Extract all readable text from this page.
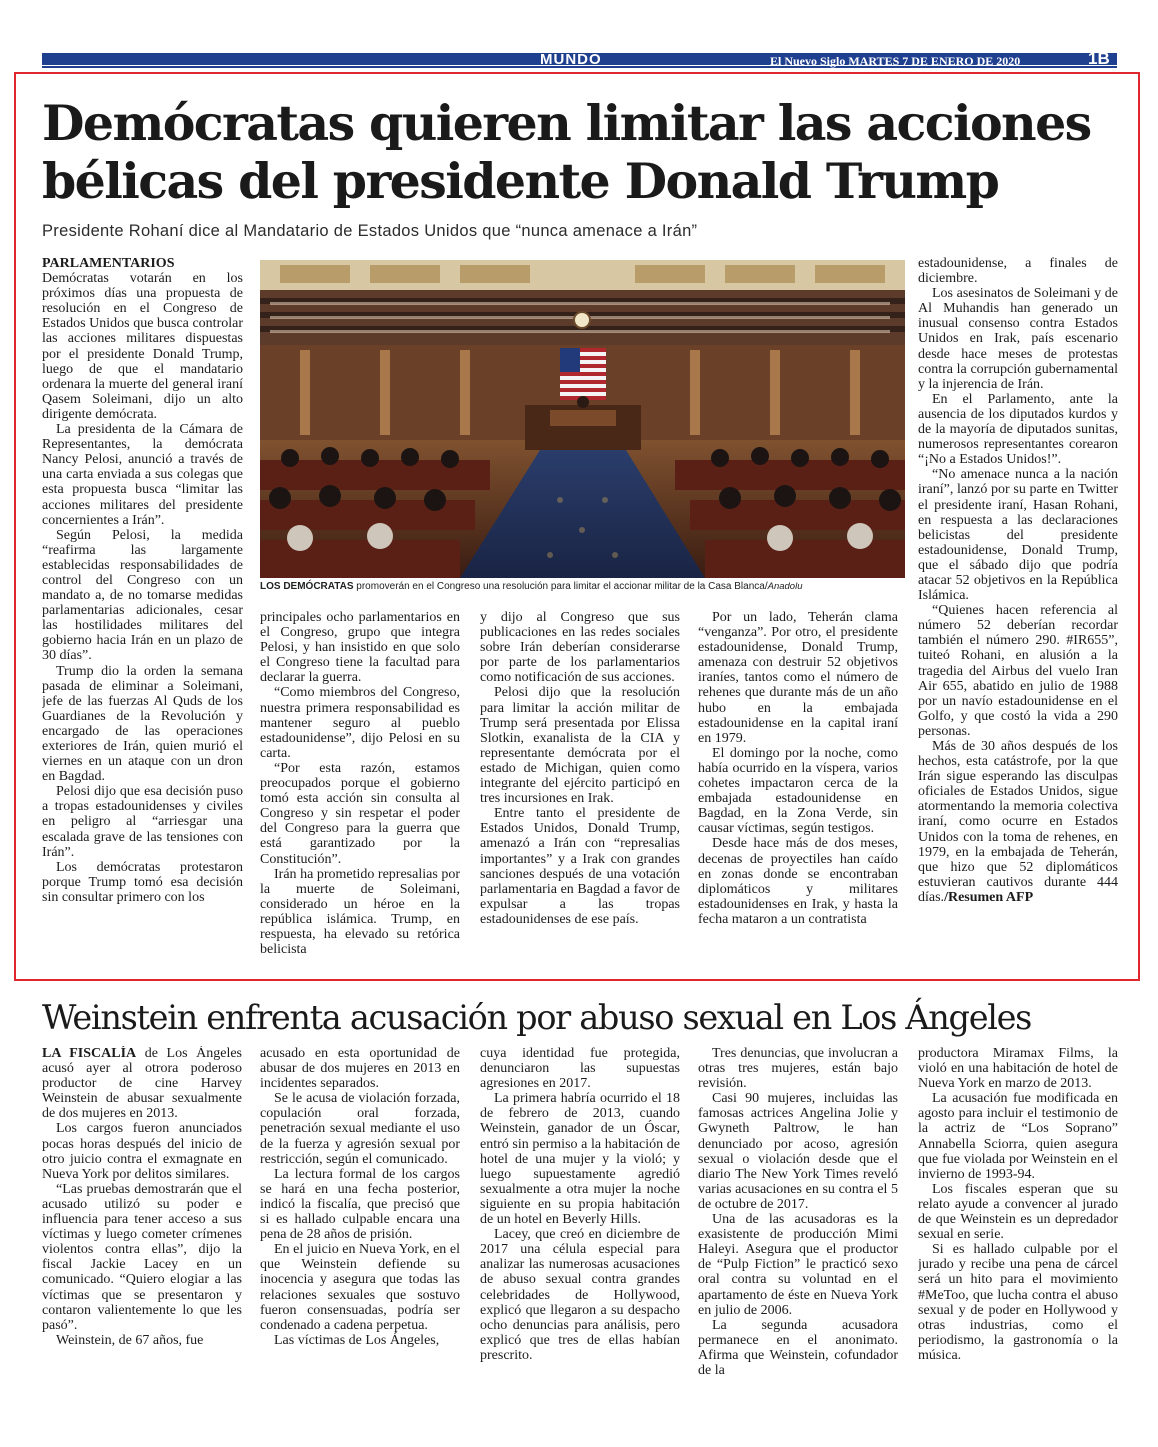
MUNDO	El Nuevo Siglo MARTES 7 DE ENERO DE 2020	1B
Demócratas quieren limitar las acciones
bélicas del presidente Donald Trump
Presidente Rohaní dice al Mandatario de Estados Unidos que “nunca amenace a Irán”

PARLAMENTARIOS Demócratas votarán en los próximos días una propuesta de resolución en el Congreso de Estados Unidos que busca controlar las acciones militares dispuestas por el presidente Donald Trump, luego de que el mandatario ordenara la muerte del general iraní Qasem Soleimani, dijo un alto dirigente demócrata.

La presidenta de la Cámara de Representantes, la demócrata Nancy Pelosi, anunció a través de una carta enviada a sus colegas que esta propuesta busca “limitar las acciones militares del presidente concernientes a Irán”.

Según Pelosi, la medida “reafirma las largamente establecidas responsabilidades de control del Congreso con un mandato a, de no tomarse medidas parlamentarias adicionales, cesar las hostilidades militares del gobierno hacia Irán en un plazo de 30 días”.

Trump dio la orden la semana pasada de eliminar a Soleimani, jefe de las fuerzas Al Quds de los Guardianes de la Revolución y encargado de las operaciones exteriores de Irán, quien murió el viernes en un ataque con un dron en Bagdad.

Pelosi dijo que esa decisión puso a tropas estadounidenses y civiles en peligro al “arriesgar una escalada grave de las tensiones con Irán”.

Los demócratas protestaron porque Trump tomó esa decisión sin consultar primero con los

LOS DEMÓCRATAS promoverán en el Congreso una resolución para limitar el accionar militar de la Casa Blanca/Anadolu

principales ocho parlamentarios en el Congreso, grupo que integra Pelosi, y han insistido en que solo el Congreso tiene la facultad para declarar la guerra.

“Como miembros del Congreso, nuestra primera responsabilidad es mantener seguro al pueblo estadounidense”, dijo Pelosi en su carta.

“Por esta razón, estamos preocupados porque el gobierno tomó esta acción sin consulta al Congreso y sin respetar el poder del Congreso para la guerra que está garantizado por la Constitución”.

Irán ha prometido represalias por la muerte de Soleimani, considerado un héroe en la república islámica. Trump, en respuesta, ha elevado su retórica belicista

y dijo al Congreso que sus publicaciones en las redes sociales sobre Irán deberían considerarse por parte de los parlamentarios como notificación de sus acciones.

Pelosi dijo que la resolución para limitar la acción militar de Trump será presentada por Elissa Slotkin, exanalista de la CIA y representante demócrata por el estado de Michigan, quien como integrante del ejército participó en tres incursiones en Irak.

Entre tanto el presidente de Estados Unidos, Donald Trump, amenazó a Irán con “represalias importantes” y a Irak con grandes sanciones después de una votación parlamentaria en Bagdad a favor de expulsar a las tropas estadounidenses de ese país.

Por un lado, Teherán clama “venganza”. Por otro, el presidente estadounidense, Donald Trump, amenaza con destruir 52 objetivos iraníes, tantos como el número de rehenes que durante más de un año hubo en la embajada estadounidense en la capital iraní en 1979.

El domingo por la noche, como había ocurrido en la víspera, varios cohetes impactaron cerca de la embajada estadounidense en Bagdad, en la Zona Verde, sin causar víctimas, según testigos.

Desde hace más de dos meses, decenas de proyectiles han caído en zonas donde se encontraban diplomáticos y militares estadounidenses en Irak, y hasta la fecha mataron a un contratista

estadounidense, a finales de diciembre.

Los asesinatos de Soleimani y de Al Muhandis han generado un inusual consenso contra Estados Unidos en Irak, país escenario desde hace meses de protestas contra la corrupción gubernamental y la injerencia de Irán.

En el Parlamento, ante la ausencia de los diputados kurdos y de la mayoría de diputados sunitas, numerosos representantes corearon “¡No a Estados Unidos!”.

“No amenace nunca a la nación iraní”, lanzó por su parte en Twitter el presidente iraní, Hasan Rohani, en respuesta a las declaraciones belicistas del presidente estadounidense, Donald Trump, que el sábado dijo que podría atacar 52 objetivos en la República Islámica.

“Quienes hacen referencia al número 52 deberían recordar también el número 290. #IR655”, tuiteó Rohani, en alusión a la tragedia del Airbus del vuelo Iran Air 655, abatido en julio de 1988 por un navío estadounidense en el Golfo, y que costó la vida a 290 personas.

Más de 30 años después de los hechos, esta catástrofe, por la que Irán sigue esperando las disculpas oficiales de Estados Unidos, sigue atormentando la memoria colectiva iraní, como ocurre en Estados Unidos con la toma de rehenes, en 1979, en la embajada de Teherán, que hizo que 52 diplomáticos estuvieran cautivos durante 444 días./Resumen AFP

Weinstein enfrenta acusación por abuso sexual en Los Ángeles

LA FISCALÍA de Los Ángeles acusó ayer al otrora poderoso productor de cine Harvey Weinstein de abusar sexualmente de dos mujeres en 2013.

Los cargos fueron anunciados pocas horas después del inicio de otro juicio contra el exmagnate en Nueva York por delitos similares.

“Las pruebas demostrarán que el acusado utilizó su poder e influencia para tener acceso a sus víctimas y luego cometer crímenes violentos contra ellas”, dijo la fiscal Jackie Lacey en un comunicado. “Quiero elogiar a las víctimas que se presentaron y contaron valientemente lo que les pasó”.

Weinstein, de 67 años, fue

acusado en esta oportunidad de abusar de dos mujeres en 2013 en incidentes separados.

Se le acusa de violación forzada, copulación oral forzada, penetración sexual mediante el uso de la fuerza y agresión sexual por restricción, según el comunicado.

La lectura formal de los cargos se hará en una fecha posterior, indicó la fiscalía, que precisó que si es hallado culpable encara una pena de 28 años de prisión.

En el juicio en Nueva York, en el que Weinstein defiende su inocencia y asegura que todas las relaciones sexuales que sostuvo fueron consensuadas, podría ser condenado a cadena perpetua.

Las víctimas de Los Ángeles,

cuya identidad fue protegida, denunciaron las supuestas agresiones en 2017.

La primera habría ocurrido el 18 de febrero de 2013, cuando Weinstein, ganador de un Óscar, entró sin permiso a la habitación de hotel de una mujer y la violó; y luego supuestamente agredió sexualmente a otra mujer la noche siguiente en su propia habitación de un hotel en Beverly Hills.

Lacey, que creó en diciembre de 2017 una célula especial para analizar las numerosas acusaciones de abuso sexual contra grandes celebridades de Hollywood, explicó que llegaron a su despacho ocho denuncias para análisis, pero explicó que tres de ellas habían prescrito.

Tres denuncias, que involucran a otras tres mujeres, están bajo revisión.

Casi 90 mujeres, incluidas las famosas actrices Angelina Jolie y Gwyneth Paltrow, le han denunciado por acoso, agresión sexual o violación desde que el diario The New York Times reveló varias acusaciones en su contra el 5 de octubre de 2017.

Una de las acusadoras es la exasistente de producción Mimi Haleyi. Asegura que el productor de “Pulp Fiction” le practicó sexo oral contra su voluntad en el apartamento de éste en Nueva York en julio de 2006.

La segunda acusadora permanece en el anonimato. Afirma que Weinstein, cofundador de la

productora Miramax Films, la violó en una habitación de hotel de Nueva York en marzo de 2013.

La acusación fue modificada en agosto para incluir el testimonio de la actriz de “Los Soprano” Annabella Sciorra, quien asegura que fue violada por Weinstein en el invierno de 1993-94.

Los fiscales esperan que su relato ayude a convencer al jurado de que Weinstein es un depredador sexual en serie.

Si es hallado culpable por el jurado y recibe una pena de cárcel será un hito para el movimiento #MeToo, que lucha contra el abuso sexual y de poder en Hollywood y otras industrias, como el periodismo, la gastronomía o la música.
